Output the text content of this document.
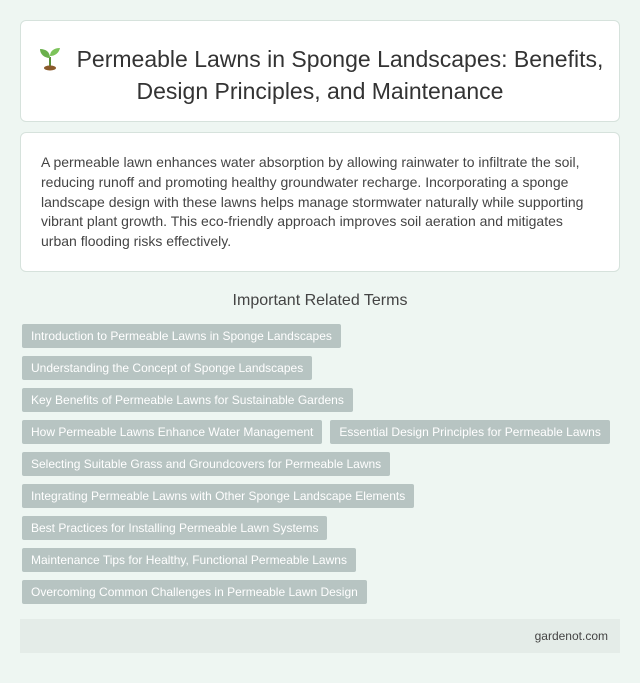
Permeable Lawns in Sponge Landscapes: Benefits, Design Principles, and Maintenance

A permeable lawn enhances water absorption by allowing rainwater to infiltrate the soil, reducing runoff and promoting healthy groundwater recharge. Incorporating a sponge landscape design with these lawns helps manage stormwater naturally while supporting vibrant plant growth. This eco-friendly approach improves soil aeration and mitigates urban flooding risks effectively.

Important Related Terms
Introduction to Permeable Lawns in Sponge Landscapes
Understanding the Concept of Sponge Landscapes
Key Benefits of Permeable Lawns for Sustainable Gardens
How Permeable Lawns Enhance Water Management	Essential Design Principles for Permeable Lawns
Selecting Suitable Grass and Groundcovers for Permeable Lawns
Integrating Permeable Lawns with Other Sponge Landscape Elements
Best Practices for Installing Permeable Lawn Systems
Maintenance Tips for Healthy, Functional Permeable Lawns
Overcoming Common Challenges in Permeable Lawn Design
gardenot.com
